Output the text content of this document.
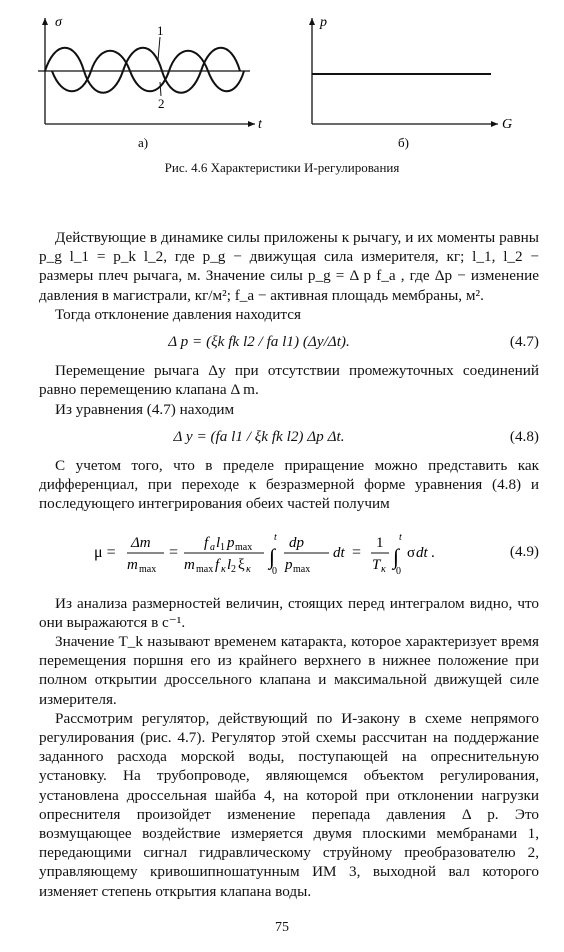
σ
t
1
2
а)
p
G
б)
Рис. 4.6 Характеристики И-регулирования

Действующие в динамике силы приложены к рычагу, и их моменты равны p_g l_1 = p_k l_2, где p_g − движущая сила измерителя, кг; l_1, l_2 − размеры плеч рычага, м. Значение силы p_g = Δ p f_a , где Δp − изменение давления в магистрали, кг/м²; f_a − активная площадь мембраны, м².

Тогда отклонение давления находится

Δ p = (ξk fk l2 / fa l1) (Δy/Δt).	(4.7)

Перемещение рычага Δy при отсутствии промежуточных соединений равно перемещению клапана Δ m.

Из уравнения (4.7) находим

Δ y = (fa l1 / ξk fk l2) Δp Δt.	(4.8)

С учетом того, что в пределе приращение можно представить как дифференциал, при переходе к безразмерной форме уравнения (4.8) и последующего интегрирования обеих частей получим

μ =
Δm
m max
=
f a l 1 p max
m max f κ l 2 ξ κ
∫
t
0
dp
p max
dt =
1
T κ
∫
t
0
σ dt .	(4.9)

Из анализа размерностей величин, стоящих перед интегралом видно, что они выражаются в c⁻¹.

Значение T_k называют временем катаракта, которое характеризует время перемещения поршня его из крайнего верхнего в нижнее положение при полном открытии дроссельного клапана и максимальной движущей силе измерителя.

Рассмотрим регулятор, действующий по И-закону в схеме непрямого регулирования (рис. 4.7). Регулятор этой схемы рассчитан на поддержание заданного расхода морской воды, поступающей на опреснительную установку. На трубопроводе, являющемся объектом регулирования, установлена дроссельная шайба 4, на которой при отклонении нагрузки опреснителя произойдет изменение перепада давления Δ p. Это возмущающее воздействие измеряется двумя плоскими мембранами 1, передающими сигнал гидравлическому струйному преобразователю 2, управляющему кривошипношатунным ИМ 3, выходной вал которого изменяет степень открытия клапана воды.

75
